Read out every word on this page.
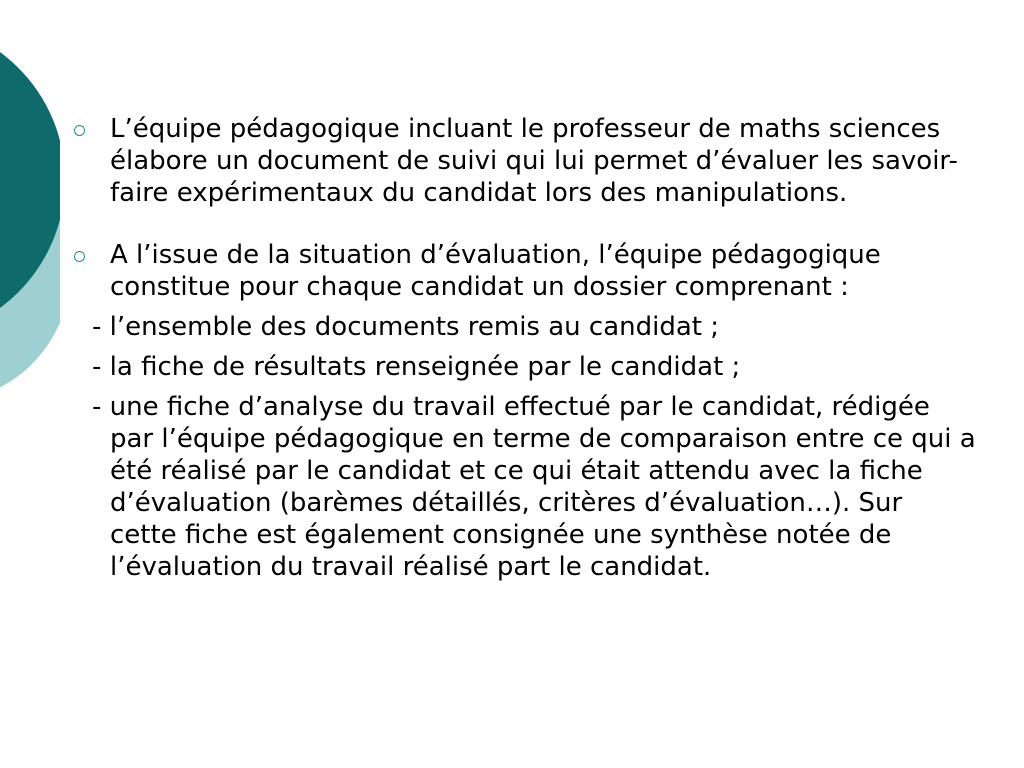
L’équipe pédagogique incluant le professeur de maths sciences élabore un document de suivi qui lui permet d’évaluer les savoir-faire expérimentaux du candidat lors des manipulations.
A l’issue de la situation d’évaluation, l’équipe pédagogique constitue pour chaque candidat un dossier comprenant :
- l’ensemble des documents remis au candidat ;
- la fiche de résultats renseignée par le candidat ;
- une fiche d’analyse du travail effectué par le candidat, rédigée par l’équipe pédagogique en terme de comparaison entre ce qui a été réalisé par le candidat et ce qui était attendu avec la fiche d’évaluation (barèmes détaillés, critères d’évaluation…). Sur cette fiche est également consignée une synthèse notée de l’évaluation du travail réalisé part le candidat.
